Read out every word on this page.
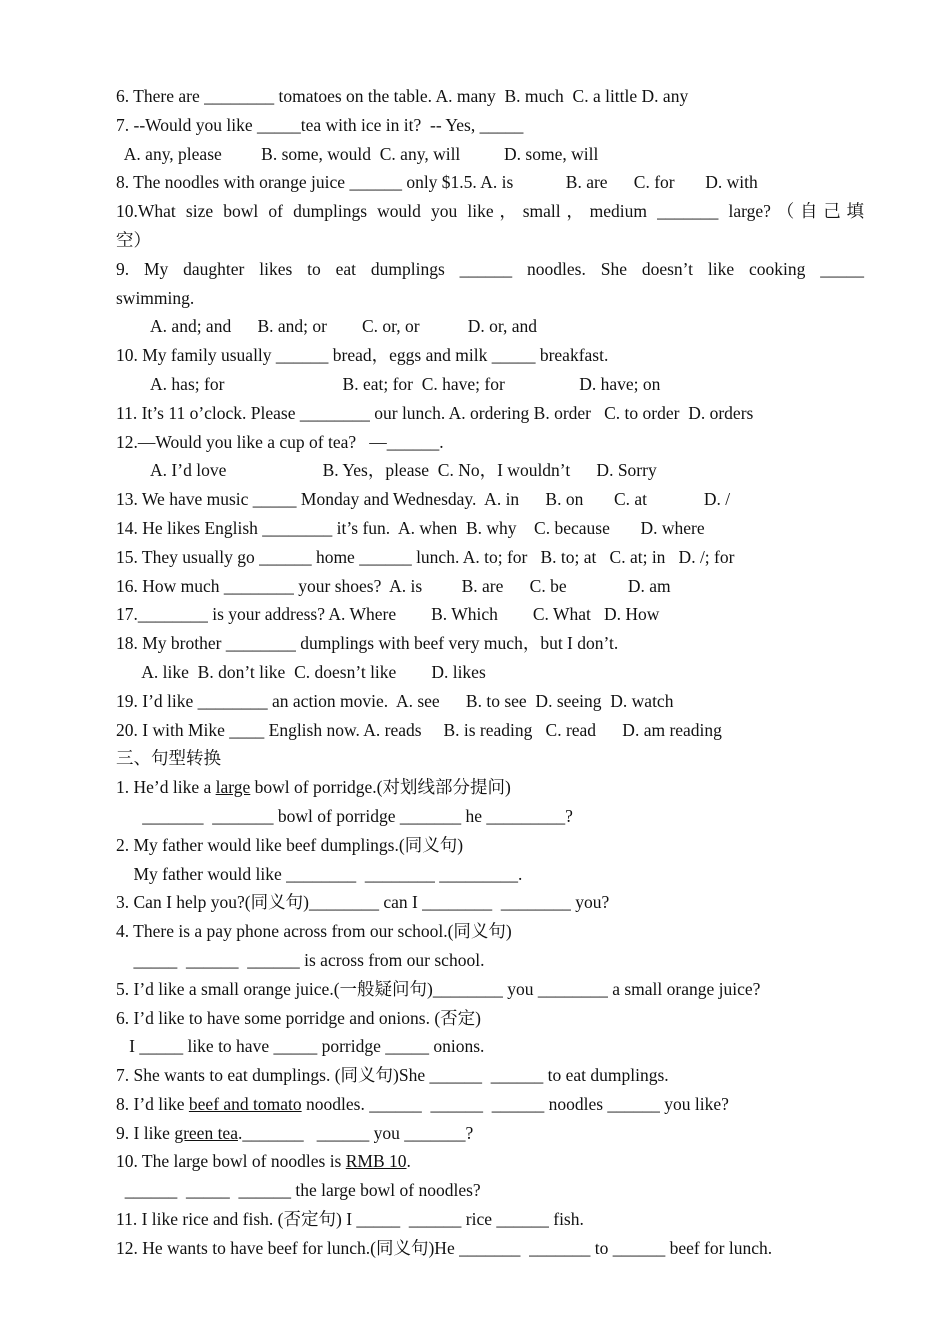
6. There are ________ tomatoes on the table. A. many  B. much  C. a little D. any
7. --Would you like _____tea with ice in it?  -- Yes, _____
A. any, please         B. some, would  C. any, will          D. some, will
8. The noodles with orange juice ______ only $1.5. A. is            B. are      C. for       D. with
10.What size bowl of dumplings would you like，small，medium _______ large?（自己填
空）
9. My daughter likes to eat dumplings ______ noodles. She doesn’t like cooking _____
swimming.
A. and; and      B. and; or        C. or, or           D. or, and
10. My family usually ______ bread，eggs and milk _____ breakfast.
A. has; for                           B. eat; for  C. have; for                 D. have; on
11. It’s 11 o’clock. Please ________ our lunch. A. ordering B. order   C. to order  D. orders
12.—Would you like a cup of tea?   —______.
A. I’d love                      B. Yes，please  C. No，I wouldn’t      D. Sorry
13. We have music _____ Monday and Wednesday.  A. in      B. on       C. at             D. /
14. He likes English ________ it’s fun.  A. when  B. why    C. because       D. where
15. They usually go ______ home ______ lunch. A. to; for   B. to; at   C. at; in   D. /; for
16. How much ________ your shoes?  A. is         B. are      C. be              D. am
17.________ is your address? A. Where        B. Which        C. What   D. How
18. My brother ________ dumplings with beef very much，but I don’t.
A. like  B. don’t like  C. doesn’t like        D. likes
19. I’d like ________ an action movie.  A. see      B. to see  D. seeing  D. watch
20. I with Mike ____ English now. A. reads     B. is reading   C. read      D. am reading
三、句型转换
1. He’d like a large bowl of porridge.(对划线部分提问)
_______  _______ bowl of porridge _______ he _________?
2. My father would like beef dumplings.(同义句)
My father would like ________  ________ _________.
3. Can I help you?(同义句)________ can I ________  ________ you?
4. There is a pay phone across from our school.(同义句)
_____  ______  ______ is across from our school.
5. I’d like a small orange juice.(一般疑问句)________ you ________ a small orange juice?
6. I’d like to have some porridge and onions. (否定)
I _____ like to have _____ porridge _____ onions.
7. She wants to eat dumplings. (同义句)She ______  ______ to eat dumplings.
8. I’d like beef and tomato noodles. ______  ______  ______ noodles ______ you like?
9. I like green tea._______   ______ you _______?
10. The large bowl of noodles is RMB 10.
______  _____  ______ the large bowl of noodles?
11. I like rice and fish. (否定句) I _____  ______ rice ______ fish.
12. He wants to have beef for lunch.(同义句)He _______  _______ to ______ beef for lunch.
